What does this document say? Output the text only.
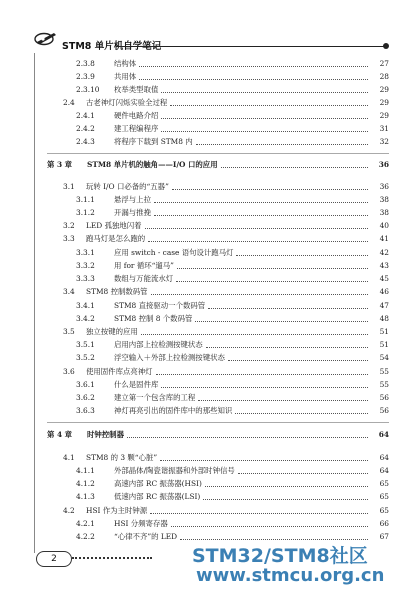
STM8 单片机自学笔记
2.3.8	结构体	27
2.3.9	共用体	28
2.3.10 枚举类型取值	29
2.4 古老神灯闪烁实验全过程	29
2.4.1	硬件电路介绍	29
2.4.2	建工程编程序	31
2.4.3	将程序下载到 STM8 内	32
第 3 章 STM8 单片机的触角——I/O 口的应用	36
3.1 玩转 I/O 口必备的“五器”	36
3.1.1	悬浮与上拉	38
3.1.2	开漏与推挽	38
3.2 LED 孤独地闪着	40
3.3 跑马灯是怎么跑的	41
3.3.1	应用 switch - case 语句设计跑马灯	42
3.3.2	用 for 循环“遛马”	43
3.3.3	数组与万能流水灯	45
3.4 STM8 控制数码管	46
3.4.1	STM8 直接驱动一个数码管	47
3.4.2	STM8 控制 8 个数码管	48
3.5 独立按键的应用	51
3.5.1	启用内部上拉检测按键状态	51
3.5.2	浮空输入＋外部上拉检测按键状态	54
3.6 使用固件库点亮神灯	55
3.6.1	什么是固件库	55
3.6.2	建立第一个包含库的工程	56
3.6.3	神灯再亮引出的固件库中的那些知识	56
第 4 章 时钟控制器	64
4.1 STM8 的 3 颗“心脏”	64
4.1.1	外部晶体/陶瓷谐振器和外部时钟信号	64
4.1.2	高速内部 RC 振荡器(HSI)	65
4.1.3	低速内部 RC 振荡器(LSI)	65
4.2 HSI 作为主时钟源	65
4.2.1	HSI 分频寄存器	66
4.2.2	“心律不齐”的 LED	67
2	STM32/STM8社区
www.stmcu.org.cn
